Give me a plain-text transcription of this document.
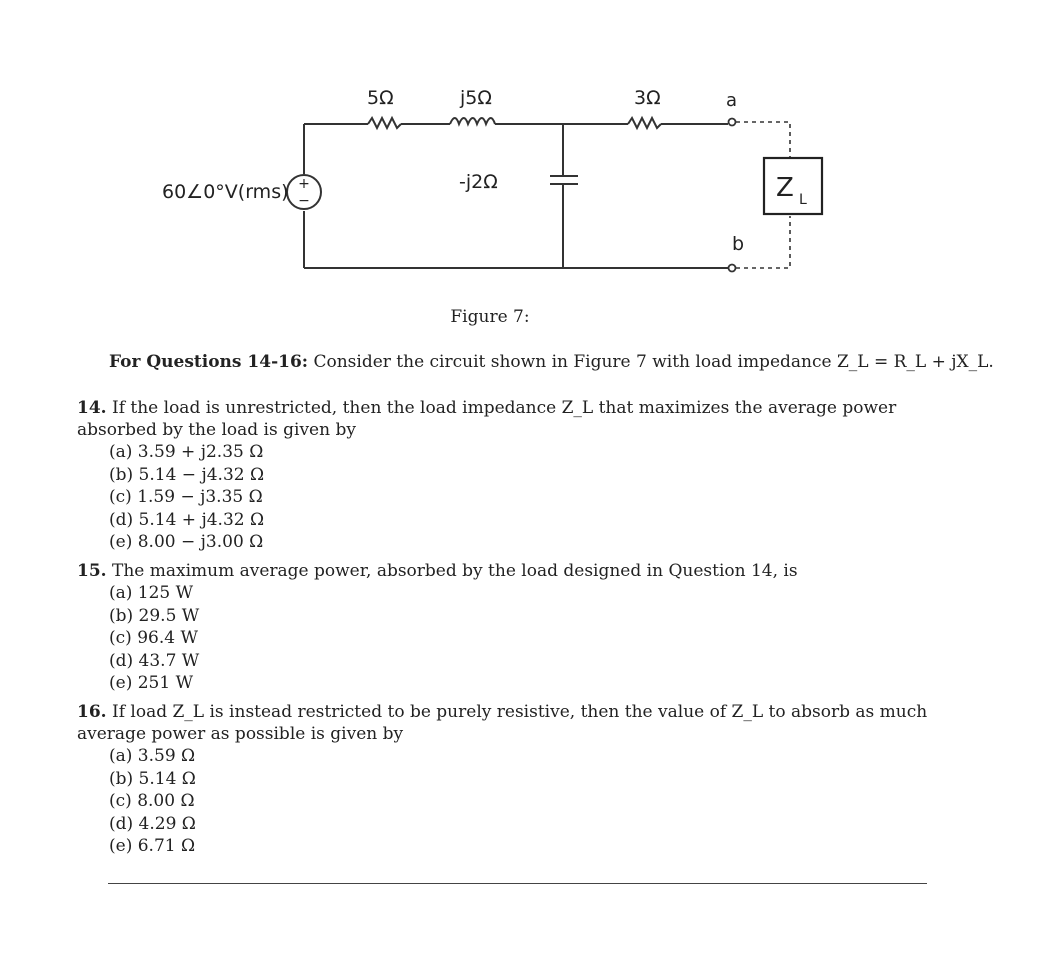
+
−
60∠0°V(rms)
5Ω	j5Ω	3Ω	a
-j2Ω
b
Z L
Figure 7:
For Questions 14-16: Consider the circuit shown in Figure 7 with load impedance Z_L = R_L + jX_L.
14. If the load is unrestricted, then the load impedance Z_L that maximizes the average power absorbed by the load is given by
(a) 3.59 + j2.35 Ω
(b) 5.14 − j4.32 Ω
(c) 1.59 − j3.35 Ω
(d) 5.14 + j4.32 Ω
(e) 8.00 − j3.00 Ω
15. The maximum average power, absorbed by the load designed in Question 14, is
(a) 125 W
(b) 29.5 W
(c) 96.4 W
(d) 43.7 W
(e) 251 W
16. If load Z_L is instead restricted to be purely resistive, then the value of Z_L to absorb as much average power as possible is given by
(a) 3.59 Ω
(b) 5.14 Ω
(c) 8.00 Ω
(d) 4.29 Ω
(e) 6.71 Ω
